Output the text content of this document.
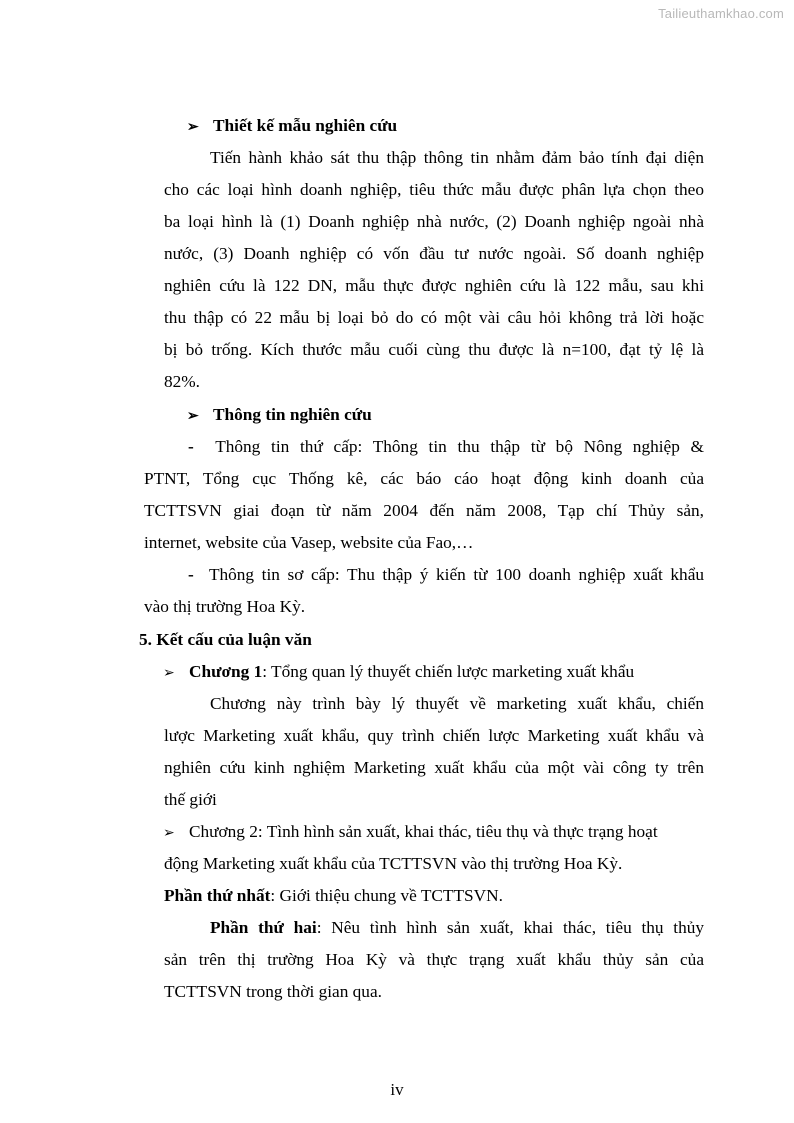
Tailieuthamkhao.com
➢ Thiết kế mẫu nghiên cứu
Tiến hành khảo sát thu thập thông tin nhằm đảm bảo tính đại diện
cho các loại hình doanh nghiệp, tiêu thức mẫu được phân lựa chọn theo
ba loại hình là (1) Doanh nghiệp nhà nước, (2) Doanh nghiệp ngoài nhà
nước, (3) Doanh nghiệp có vốn đầu tư nước ngoài. Số doanh nghiệp
nghiên cứu là 122 DN, mẫu thực được nghiên cứu là 122 mẫu, sau khi
thu thập có 22 mẫu bị loại bỏ do có một vài câu hỏi không trả lời hoặc
bị bỏ trống. Kích thước mẫu cuối cùng thu được là n=100, đạt tỷ lệ là
82%.
➢ Thông tin nghiên cứu
- Thông tin thứ cấp: Thông tin thu thập từ bộ Nông nghiệp &
PTNT, Tổng cục Thống kê, các báo cáo hoạt động kinh doanh của
TCTTSVN giai đoạn từ năm 2004 đến năm 2008, Tạp chí Thủy sản,
internet, website của Vasep, website của Fao,…
- Thông tin sơ cấp: Thu thập ý kiến từ 100 doanh nghiệp xuất khẩu
vào thị trường Hoa Kỳ.
5. Kết cấu của luận văn
➢ Chương 1: Tổng quan lý thuyết chiến lược marketing xuất khẩu
Chương này trình bày lý thuyết về marketing xuất khẩu, chiến
lược Marketing xuất khẩu, quy trình chiến lược Marketing xuất khẩu và
nghiên cứu kinh nghiệm Marketing xuất khẩu của một vài công ty trên
thế giới
➢ Chương 2: Tình hình sản xuất, khai thác, tiêu thụ và thực trạng hoạt
động Marketing xuất khẩu của TCTTSVN vào thị trường Hoa Kỳ.
Phần thứ nhất: Giới thiệu chung về TCTTSVN.
Phần thứ hai: Nêu tình hình sản xuất, khai thác, tiêu thụ thủy
sản trên thị trường Hoa Kỳ và thực trạng xuất khẩu thủy sản của
TCTTSVN trong thời gian qua.
iv
